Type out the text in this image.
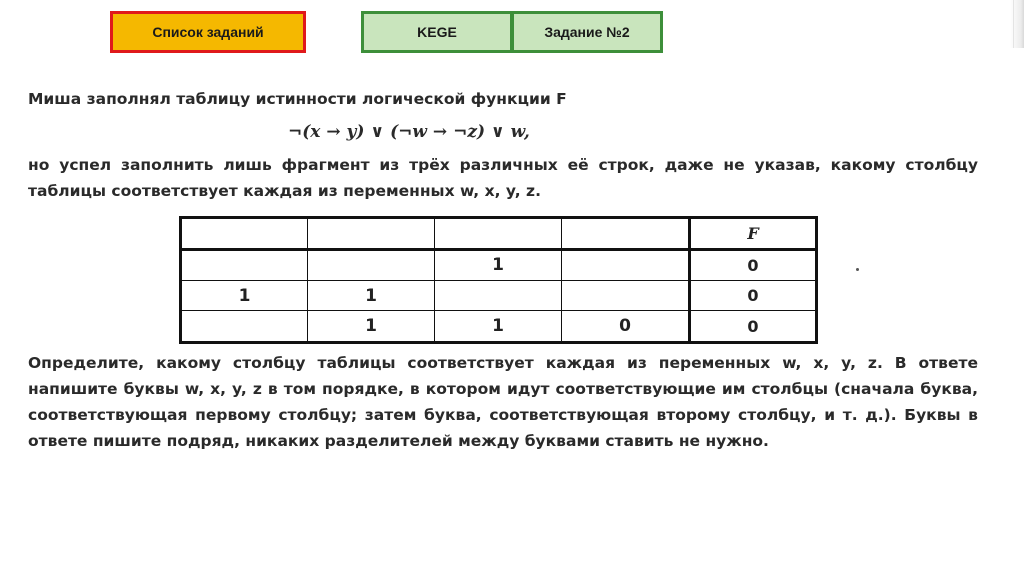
Список заданий	KEGE	Задание №2

Миша заполнял таблицу истинности логической функции F

¬(x → y) ∨ (¬w → ¬z) ∨ w,

но успел заполнить лишь фрагмент из трёх различных её строк, даже не указав, какому столбцу таблицы соответствует каждая из переменных w, x, y, z.

Определите, какому столбцу таблицы соответствует каждая из переменных w, x, y, z. В ответе напишите буквы w, x, y, z в том порядке, в котором идут соответствующие им столбцы (сначала буква, соответствующая первому столбцу; затем буква, соответствующая второму столбцу, и т. д.). Буквы в ответе пишите подряд, никаких разделителей между буквами ставить не нужно.

				F
		1		0
1	1			0
	1	1	0	0
